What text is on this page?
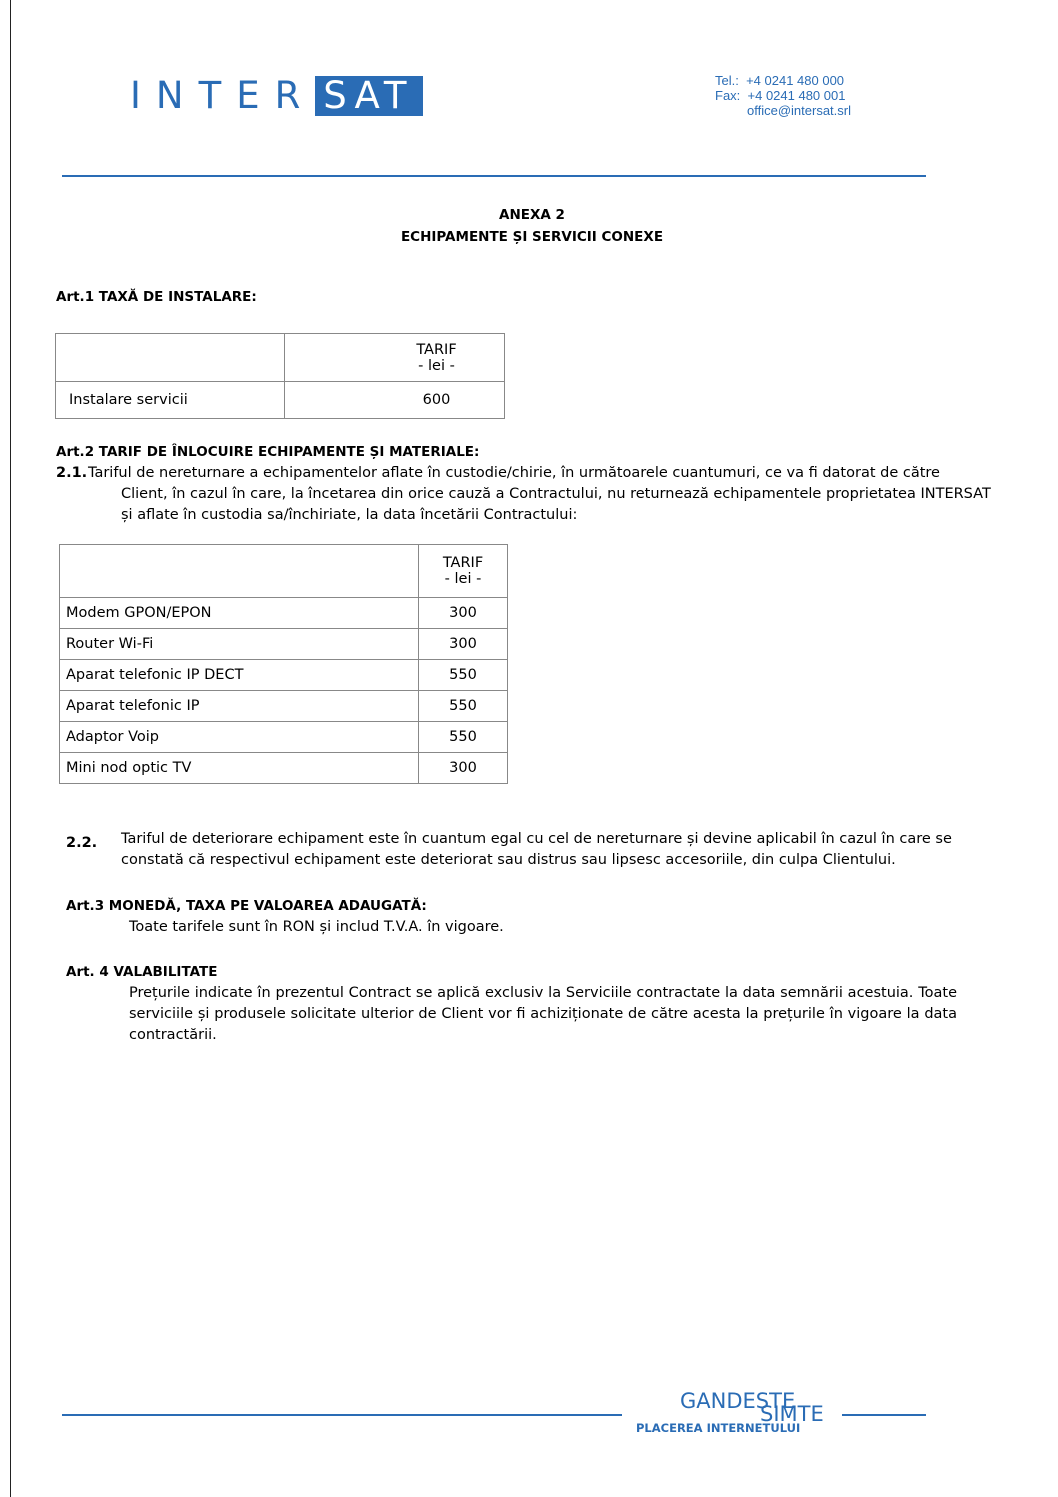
INTER SAT	Tel.:  +4 0241 480 000
Fax:  +4 0241 480 001
office@intersat.srl
ANEXA 2
ECHIPAMENTE ȘI SERVICII CONEXE
Art.1 TAXĂ DE INSTALARE:

	TARIF
- lei -

Instalare servicii	600
Art.2 TARIF DE ÎNLOCUIRE ECHIPAMENTE ȘI MATERIALE:
2.1. Tariful de nereturnare a echipamentelor aflate în custodie/chirie, în următoarele cuantumuri, ce va fi datorat de către
Client, în cazul în care, la încetarea din orice cauză a Contractului, nu returnează echipamentele proprietatea INTERSAT
și aflate în custodia sa/închiriate, la data încetării Contractului:

	TARIF
- lei -

Modem GPON/EPON	300
Router Wi-Fi	300
Aparat telefonic IP DECT	550
Aparat telefonic IP	550
Adaptor Voip	550
Mini nod optic TV	300
2.2. Tariful de deteriorare echipament este în cuantum egal cu cel de nereturnare și devine aplicabil în cazul în care se
constată că respectivul echipament este deteriorat sau distrus sau lipsesc accesoriile, din culpa Clientului.
Art.3 MONEDĂ, TAXA PE VALOAREA ADAUGATĂ:
Toate tarifele sunt în RON și includ T.V.A. în vigoare.
Art. 4 VALABILITATE
Prețurile indicate în prezentul Contract se aplică exclusiv la Serviciile contractate la data semnării acestuia. Toate
serviciile și produsele solicitate ulterior de Client vor fi achiziționate de către acesta la prețurile în vigoare la data
contractării.
GANDESTE
SIMTE
PLACEREA INTERNETULUI
